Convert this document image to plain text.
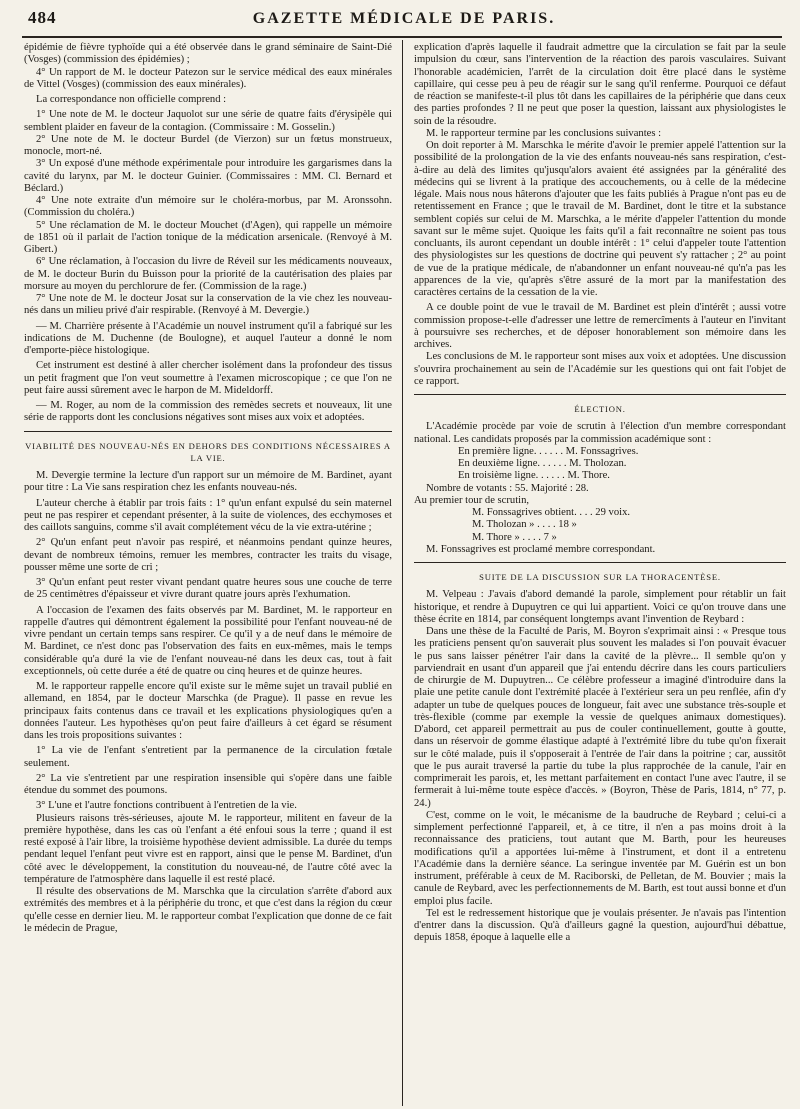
484	GAZETTE MÉDICALE DE PARIS.

épidémie de fièvre typhoïde qui a été observée dans le grand séminaire de Saint-Dié (Vosges) (commission des épidémies) ;

4° Un rapport de M. le docteur Patezon sur le service médical des eaux minérales de Vittel (Vosges) (commission des eaux minérales).

La correspondance non officielle comprend :

1° Une note de M. le docteur Jaquolot sur une série de quatre faits d'érysipèle qui semblent plaider en faveur de la contagion. (Commissaire : M. Gosselin.)

2° Une note de M. le docteur Burdel (de Vierzon) sur un fœtus monstrueux, monocle, mort-né.

3° Un exposé d'une méthode expérimentale pour introduire les gargarismes dans la cavité du larynx, par M. le docteur Guinier. (Commissaires : MM. Cl. Bernard et Béclard.)

4° Une note extraite d'un mémoire sur le choléra-morbus, par M. Aronssohn. (Commission du choléra.)

5° Une réclamation de M. le docteur Mouchet (d'Agen), qui rappelle un mémoire de 1851 où il parlait de l'action tonique de la médication arsenicale. (Renvoyé à M. Gibert.)

6° Une réclamation, à l'occasion du livre de Réveil sur les médicaments nouveaux, de M. le docteur Burin du Buisson pour la priorité de la cautérisation des plaies par morsure au moyen du perchlorure de fer. (Commission de la rage.)

7° Une note de M. le docteur Josat sur la conservation de la vie chez les nouveau-nés dans un milieu privé d'air respirable. (Renvoyé à M. Devergie.)

— M. Charrière présente à l'Académie un nouvel instrument qu'il a fabriqué sur les indications de M. Duchenne (de Boulogne), et auquel l'auteur a donné le nom d'emporte-pièce histologique.

Cet instrument est destiné à aller chercher isolément dans la profondeur des tissus un petit fragment que l'on veut soumettre à l'examen microscopique ; ce que l'on ne peut faire aussi sûrement avec le harpon de M. Mideldorff.

— M. Roger, au nom de la commission des remèdes secrets et nouveaux, lit une série de rapports dont les conclusions négatives sont mises aux voix et adoptées.

VIABILITÉ DES NOUVEAU-NÉS EN DEHORS DES CONDITIONS NÉCESSAIRES A LA VIE.

M. Devergie termine la lecture d'un rapport sur un mémoire de M. Bardinet, ayant pour titre : La Vie sans respiration chez les enfants nouveau-nés.

L'auteur cherche à établir par trois faits : 1° qu'un enfant expulsé du sein maternel peut ne pas respirer et cependant présenter, à la suite de violences, des ecchymoses et des caillots sanguins, comme s'il avait complétement vécu de la vie extra-utérine ;

2° Qu'un enfant peut n'avoir pas respiré, et néanmoins pendant quinze heures, devant de nombreux témoins, remuer les membres, contracter les traits du visage, pousser même une sorte de cri ;

3° Qu'un enfant peut rester vivant pendant quatre heures sous une couche de terre de 25 centimètres d'épaisseur et vivre durant quatre jours après l'exhumation.

A l'occasion de l'examen des faits observés par M. Bardinet, M. le rapporteur en rappelle d'autres qui démontrent également la possibilité pour l'enfant nouveau-né de vivre pendant un certain temps sans respirer. Ce qu'il y a de neuf dans le mémoire de M. Bardinet, ce n'est donc pas l'observation des faits en eux-mêmes, mais le temps considérable qu'a duré la vie de l'enfant nouveau-né dans les deux cas, tout à fait exceptionnels, où cette durée a été de quatre ou cinq heures et de quinze heures.

M. le rapporteur rappelle encore qu'il existe sur le même sujet un travail publié en allemand, en 1854, par le docteur Marschka (de Prague). Il passe en revue les principaux faits contenus dans ce travail et les explications physiologiques qu'en a données l'auteur. Les hypothèses qu'on peut faire d'ailleurs à cet égard se résument dans les trois propositions suivantes :

1° La vie de l'enfant s'entretient par la permanence de la circulation fœtale seulement.

2° La vie s'entretient par une respiration insensible qui s'opère dans une faible étendue du sommet des poumons.

3° L'une et l'autre fonctions contribuent à l'entretien de la vie.

Plusieurs raisons très-sérieuses, ajoute M. le rapporteur, militent en faveur de la première hypothèse, dans les cas où l'enfant a été enfoui sous la terre ; quand il est resté exposé à l'air libre, la troisième hypothèse devient admissible. La durée du temps pendant lequel l'enfant peut vivre est en rapport, ainsi que le pense M. Bardinet, d'un côté avec le développement, la constitution du nouveau-né, de l'autre côté avec la température de l'atmosphère dans laquelle il est resté placé.

Il résulte des observations de M. Marschka que la circulation s'arrête d'abord aux extrémités des membres et à la périphérie du tronc, et que c'est dans la région du cœur qu'elle cesse en dernier lieu. M. le rapporteur combat l'explication que donne de ce fait le médecin de Prague,

explication d'après laquelle il faudrait admettre que la circulation se fait par la seule impulsion du cœur, sans l'intervention de la réaction des parois vasculaires. Suivant l'honorable académicien, l'arrêt de la circulation doit être placé dans le système capillaire, qui cesse peu à peu de réagir sur le sang qu'il renferme. Pourquoi ce défaut de réaction se manifeste-t-il plus tôt dans les capillaires de la périphérie que dans ceux des parties profondes ? Il ne peut que poser la question, laissant aux physiologistes le soin de la résoudre.

M. le rapporteur termine par les conclusions suivantes :

On doit reporter à M. Marschka le mérite d'avoir le premier appelé l'attention sur la possibilité de la prolongation de la vie des enfants nouveau-nés sans respiration, c'est-à-dire au delà des limites qu'jusqu'alors avaient été assignées par la généralité des médecins qui se livrent à la pratique des accouchements, ou à celle de la médecine légale. Mais nous nous hâterons d'ajouter que les faits publiés à Prague n'ont pas eu de retentissement en France ; que le travail de M. Bardinet, dont le titre et la substance semblent copiés sur celui de M. Marschka, a le mérite d'appeler l'attention du monde savant sur le même sujet. Quoique les faits qu'il a fait reconnaître ne soient pas tous concluants, ils auront cependant un double intérêt : 1° celui d'appeler toute l'attention des physiologistes sur les questions de doctrine qui peuvent s'y rattacher ; 2° au point de vue de la pratique médicale, de n'abandonner un enfant nouveau-né qu'n'a pas les apparences de la vie, qu'après s'être assuré de la mort par la manifestation des caractères certains de la cessation de la vie.

A ce double point de vue le travail de M. Bardinet est plein d'intérêt ; aussi votre commission propose-t-elle d'adresser une lettre de remercîments à l'auteur en l'invitant à poursuivre ses recherches, et de déposer honorablement son mémoire dans les archives.

Les conclusions de M. le rapporteur sont mises aux voix et adoptées. Une discussion s'ouvrira prochainement au sein de l'Académie sur les questions qui ont fait l'objet de ce rapport.

ÉLECTION.

L'Académie procède par voie de scrutin à l'élection d'un membre correspondant national. Les candidats proposés par la commission académique sont :

En première ligne. . . . . . M. Fonssagrives.

En deuxième ligne. . . . . . M. Tholozan.

En troisième ligne. . . . . . M. Thore.

Nombre de votants : 55. Majorité : 28.

Au premier tour de scrutin,

M. Fonssagrives obtient. . . . 29 voix.

M. Tholozan » . . . . 18 »

M. Thore » . . . . 7 »

M. Fonssagrives est proclamé membre correspondant.

SUITE DE LA DISCUSSION SUR LA THORACENTÈSE.

M. Velpeau : J'avais d'abord demandé la parole, simplement pour rétablir un fait historique, et rendre à Dupuytren ce qui lui appartient. Voici ce qu'on trouve dans une thèse écrite en 1814, par conséquent longtemps avant l'invention de Reybard :

Dans une thèse de la Faculté de Paris, M. Boyron s'exprimait ainsi : « Presque tous les praticiens pensent qu'on sauverait plus souvent les malades si l'on pouvait évacuer le pus sans laisser pénétrer l'air dans la cavité de la plèvre... Il semble qu'on y parviendrait en usant d'un appareil que j'ai entendu décrire dans les cours particuliers de chirurgie de M. Dupuytren... Ce célèbre professeur a imaginé d'introduire dans la plaie une petite canule dont l'extrémité placée à l'extérieur sera un peu renflée, afin d'y adapter un tube de quelques pouces de longueur, fait avec une substance très-souple et très-flexible (comme par exemple la vessie de quelques animaux domestiques). D'abord, cet appareil permettrait au pus de couler continuellement, goutte à goutte, dans un réservoir de gomme élastique adapté à l'extrémité libre du tube qu'on fixerait sur le côté malade, puis il s'opposerait à l'entrée de l'air dans la poitrine ; car, aussitôt que le pus aurait traversé la partie du tube la plus rapprochée de la canule, l'air en comprimerait les parois, et, les mettant parfaitement en contact l'une avec l'autre, il se fermerait à lui-même toute espèce d'accès. » (Boyron, Thèse de Paris, 1814, n° 77, p. 24.)

C'est, comme on le voit, le mécanisme de la baudruche de Reybard ; celui-ci a simplement perfectionné l'appareil, et, à ce titre, il n'en a pas moins droit à la reconnaissance des praticiens, tout autant que M. Barth, pour les heureuses modifications qu'il a apportées lui-même à l'instrument, et dont il a entretenu l'Académie dans la dernière séance. La seringue inventée par M. Guérin est un bon instrument, préférable à ceux de M. Raciborski, de Pelletan, de M. Bouvier ; mais la canule de Reybard, avec les perfectionnements de M. Barth, est tout aussi bonne et d'un emploi plus facile.

Tel est le redressement historique que je voulais présenter. Je n'avais pas l'intention d'entrer dans la discussion. Qu'à d'ailleurs gagné la question, aujourd'hui débattue, depuis 1858, époque à laquelle elle a
